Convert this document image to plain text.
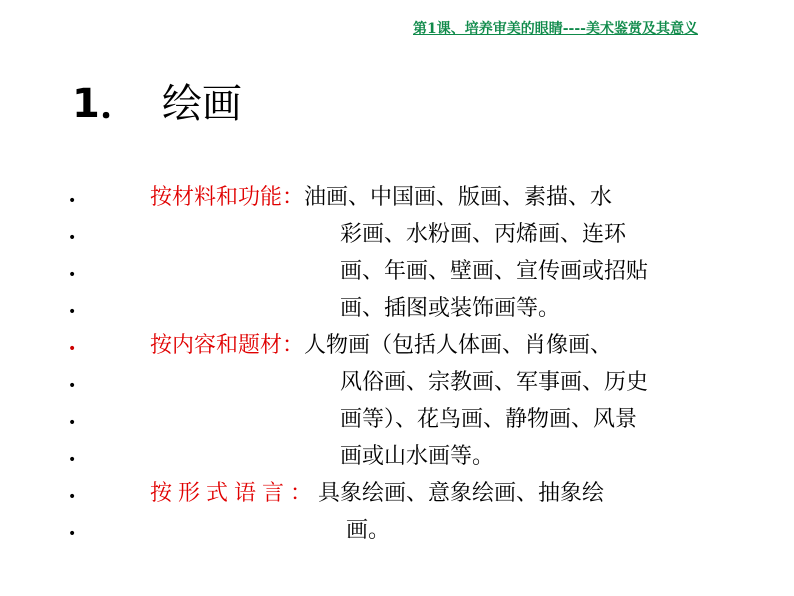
第1课、培养审美的眼睛----美术鉴赏及其意义
1． 绘画
•
•
•
•
•
•
•
•
•
•
按材料和功能：油画、中国画、版画、素描、水
彩画、水粉画、丙烯画、连环
画、年画、壁画、宣传画或招贴
画、插图或装饰画等。
按内容和题材：人物画（包括人体画、肖像画、
风俗画、宗教画、军事画、历史
画等）、花鸟画、静物画、风景
画或山水画等。
按形式语言：具象绘画、意象绘画、抽象绘
画。
